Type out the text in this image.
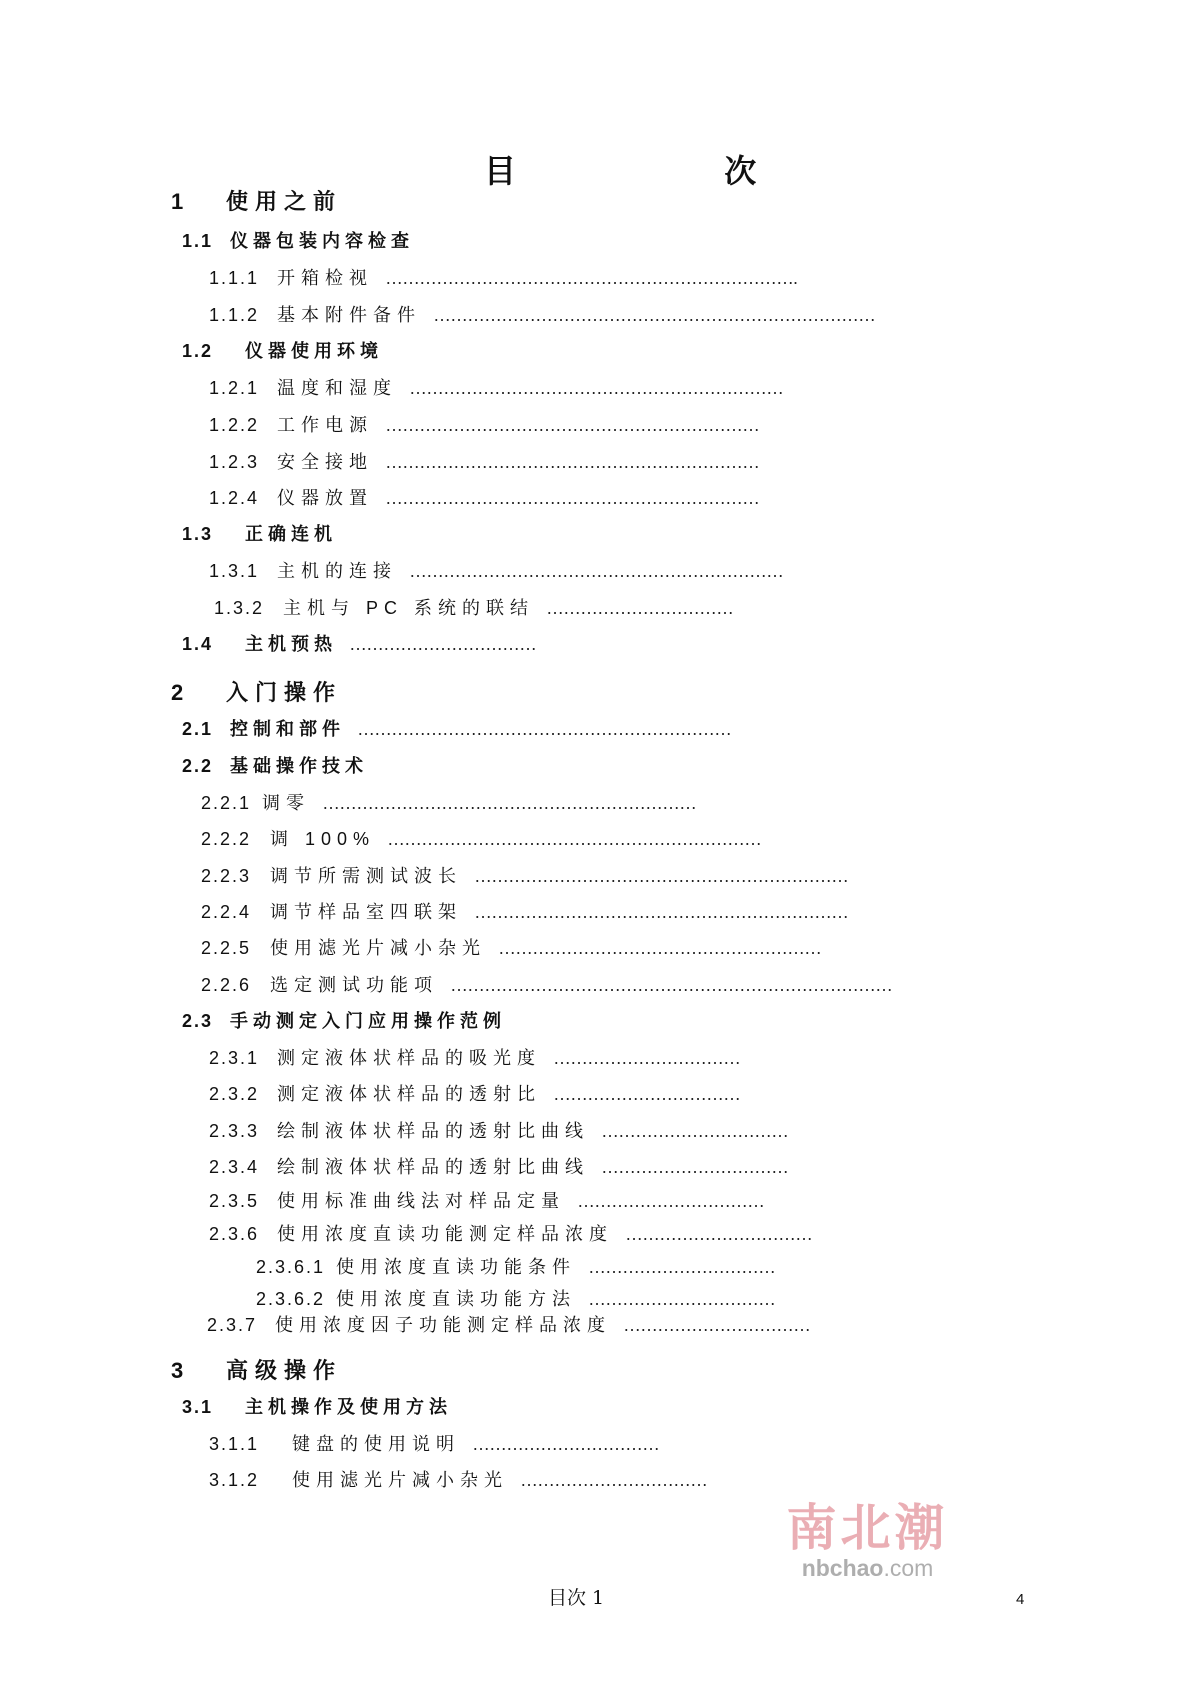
目  次
1 使用之前
1.1 仪器包装内容检查
1.1.1 开箱检视 ……………………………………………………………….
1.1.2 基本附件备件 ……………………………………………………………………
1.2 仪器使用环境
1.2.1 温度和湿度 …………………………………………………………
1.2.2 工作电源 …………………………………………………………
1.2.3 安全接地 …………………………………………………………
1.2.4 仪器放置 …………………………………………………………
1.3 正确连机
1.3.1 主机的连接 …………………………………………………………
1.3.2 主机与 PC 系统的联结 ……………………………
1.4 主机预热 ……………………………
2 入门操作
2.1 控制和部件 …………………………………………………………
2.2 基础操作技术
2.2.1 调零 …………………………………………………………
2.2.2 调 100% …………………………………………………………
2.2.3 调节所需测试波长 …………………………………………………………
2.2.4 调节样品室四联架 …………………………………………………………
2.2.5 使用滤光片减小杂光 …………………………………………………
2.2.6 选定测试功能项 ……………………………………………………………………
2.3 手动测定入门应用操作范例
2.3.1 测定液体状样品的吸光度 ……………………………
2.3.2 测定液体状样品的透射比 ……………………………
2.3.3 绘制液体状样品的透射比曲线 ……………………………
2.3.4 绘制液体状样品的透射比曲线 ……………………………
2.3.5 使用标准曲线法对样品定量 ……………………………
2.3.6 使用浓度直读功能测定样品浓度 ……………………………
2.3.6.1 使用浓度直读功能条件 ……………………………
2.3.6.2 使用浓度直读功能方法 ……………………………
2.3.7 使用浓度因子功能测定样品浓度 ……………………………
3 高级操作
3.1 主机操作及使用方法
3.1.1 键盘的使用说明 ……………………………
3.1.2 使用滤光片减小杂光 ……………………………
南北潮
nbchao.com
目次 1	4
